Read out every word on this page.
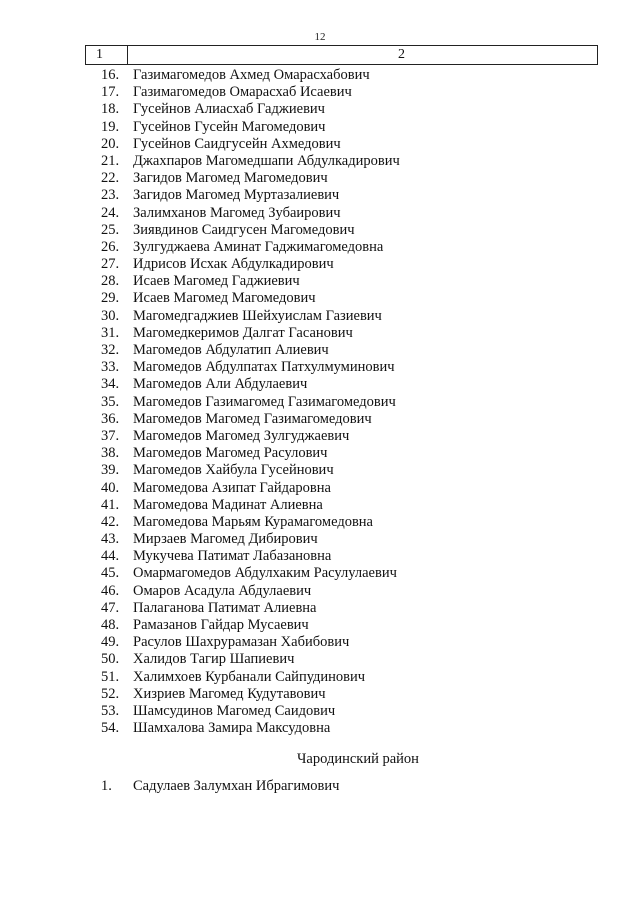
12
1	2
16. Газимагомедов Ахмед Омарасхабович
17. Газимагомедов Омарасхаб Исаевич
18. Гусейнов Алиасхаб Гаджиевич
19. Гусейнов Гусейн Магомедович
20. Гусейнов Саидгусейн Ахмедович
21. Джахпаров Магомедшапи Абдулкадирович
22. Загидов Магомед Магомедович
23. Загидов Магомед Муртазалиевич
24. Залимханов Магомед Зубаирович
25. Зиявдинов Саидгусен Магомедович
26. Зулгуджаева Аминат Гаджимагомедовна
27. Идрисов Исхак Абдулкадирович
28. Исаев Магомед Гаджиевич
29. Исаев Магомед Магомедович
30. Магомедгаджиев Шейхуислам Газиевич
31. Магомедкеримов Далгат Гасанович
32. Магомедов Абдулатип Алиевич
33. Магомедов Абдулпатах Патхулмуминович
34. Магомедов Али Абдулаевич
35. Магомедов Газимагомед Газимагомедович
36. Магомедов Магомед Газимагомедович
37. Магомедов Магомед Зулгуджаевич
38. Магомедов Магомед Расулович
39. Магомедов Хайбула Гусейнович
40. Магомедова Азипат Гайдаровна
41. Магомедова Мадинат Алиевна
42. Магомедова Марьям Курамагомедовна
43. Мирзаев Магомед Дибирович
44. Мукучева Патимат Лабазановна
45. Омармагомедов Абдулхаким Расулулаевич
46. Омаров Асадула Абдулаевич
47. Палаганова Патимат Алиевна
48. Рамазанов Гайдар Мусаевич
49. Расулов Шахрурамазан Хабибович
50. Халидов Тагир Шапиевич
51. Халимхоев Курбанали Сайпудинович
52. Хизриев Магомед Кудутавович
53. Шамсудинов Магомед Саидович
54. Шамхалова Замира Максудовна
Чародинский район
1. Садулаев Залумхан Ибрагимович
